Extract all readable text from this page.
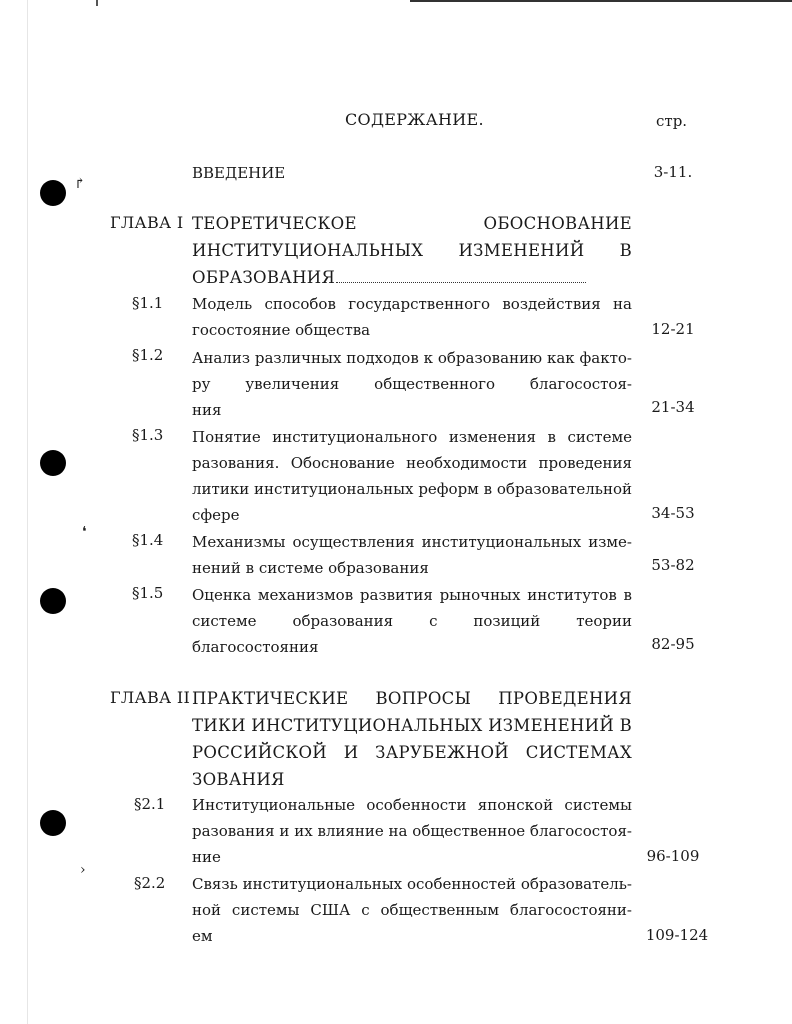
↱
❛
›
СОДЕРЖАНИЕ.	стр.
ВВЕДЕНИЕ	3-11.
ГЛАВА I ТЕОРЕТИЧЕСКОЕ ОБОСНОВАНИЕ
ИНСТИТУЦИОНАЛЬНЫХ ИЗМЕНЕНИЙ В
ОБРАЗОВАНИЯ
§1.1 Модель способов государственного воздействия на
госостояние общества	12-21
§1.2 Анализ различных подходов к образованию как факто-
ру увеличения общественного благосостоя-
ния	21-34
§1.3 Понятие институционального изменения в системе
разования. Обоснование необходимости проведения
литики институциональных реформ в образовательной
сфере	34-53
§1.4 Механизмы осуществления институциональных изме-
нений в системе образования	53-82
§1.5 Оценка механизмов развития рыночных институтов в
системе образования с позиций теории
благосостояния	82-95
ГЛАВА II ПРАКТИЧЕСКИЕ ВОПРОСЫ ПРОВЕДЕНИЯ
ТИКИ ИНСТИТУЦИОНАЛЬНЫХ ИЗМЕНЕНИЙ В
РОССИЙСКОЙ И ЗАРУБЕЖНОЙ СИСТЕМАХ
ЗОВАНИЯ
§2.1 Институциональные особенности японской системы
разования и их влияние на общественное благосостоя-
ние	96-109
§2.2 Связь институциональных особенностей образователь-
ной системы США с общественным благосостояни-
ем	109-124
